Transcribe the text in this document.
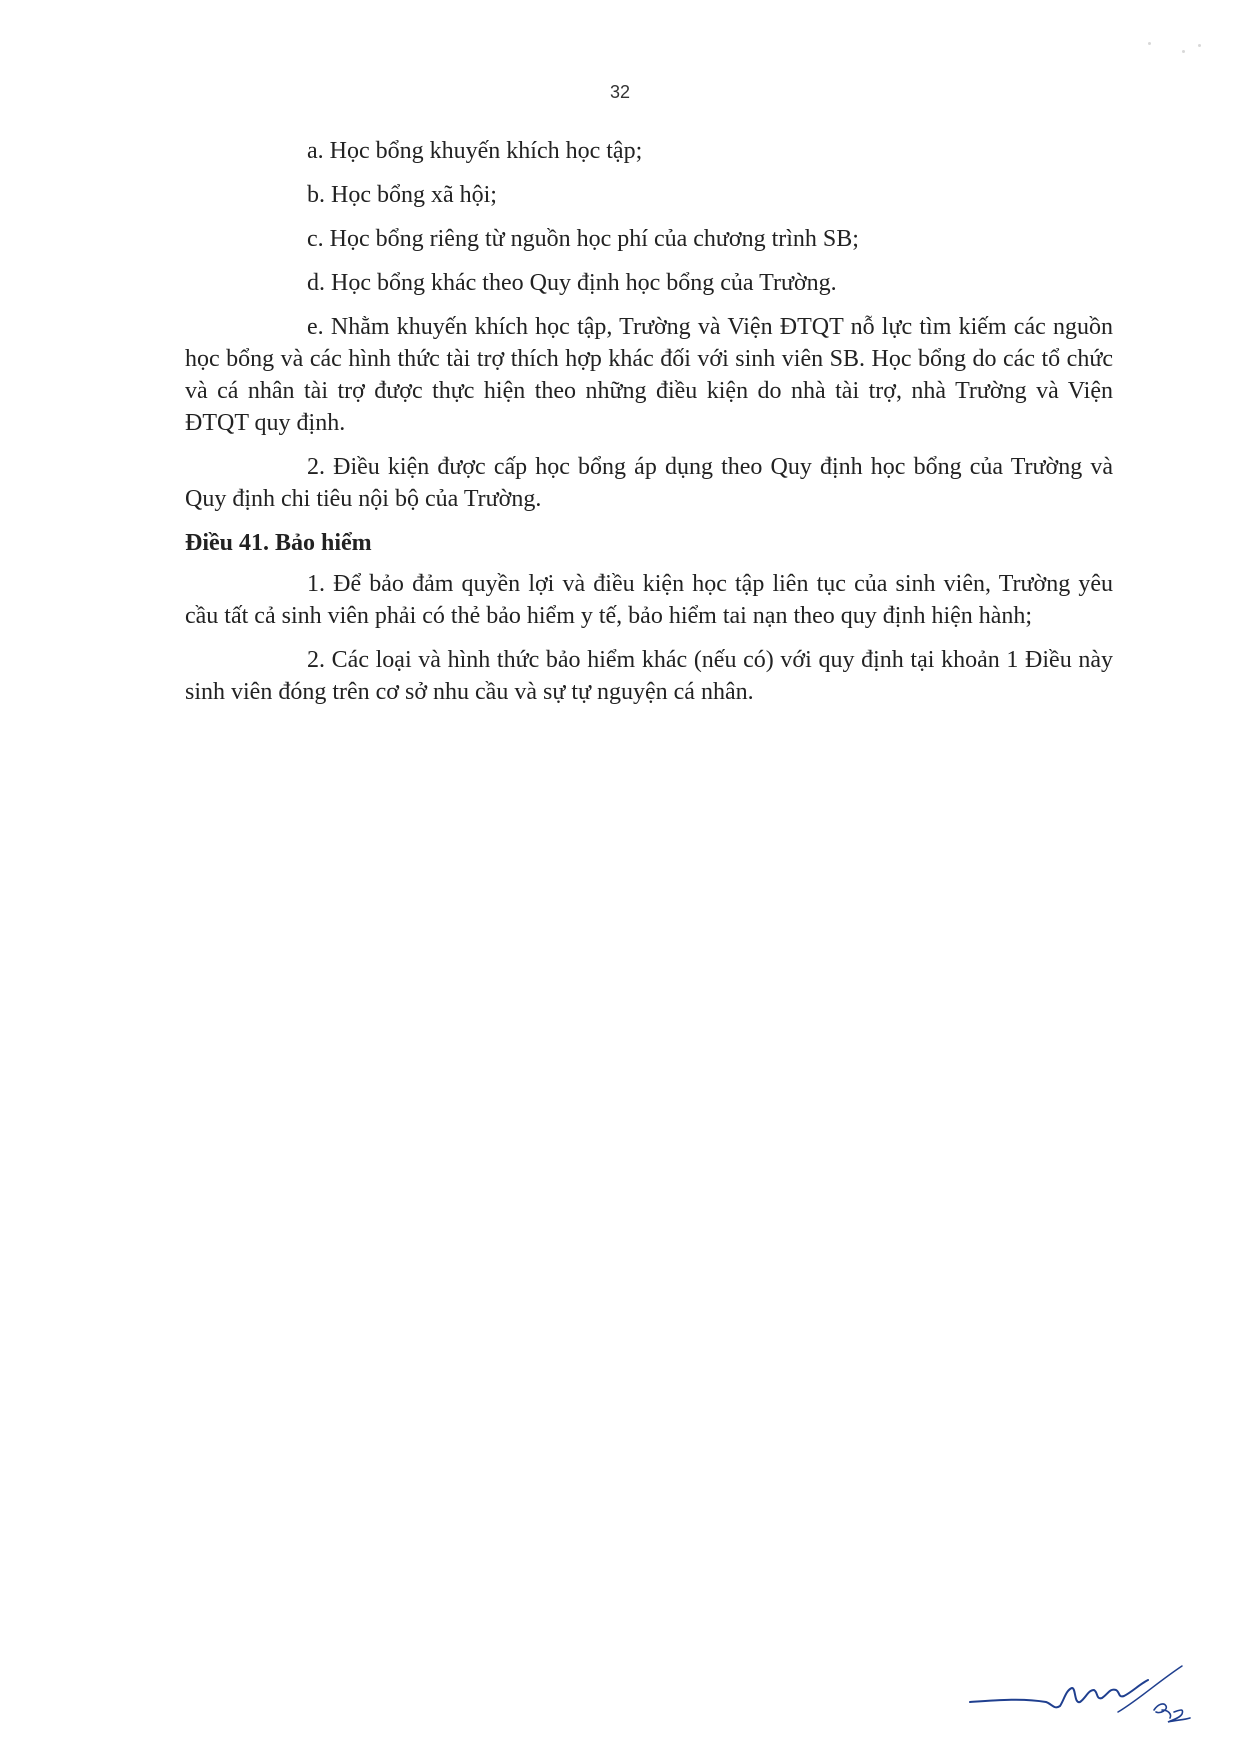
32
a. Học bổng khuyến khích học tập;
b. Học bổng xã hội;
c. Học bổng riêng từ nguồn học phí của chương trình SB;
d. Học bổng khác theo Quy định học bổng của Trường.

e. Nhằm khuyến khích học tập, Trường và Viện ĐTQT nỗ lực tìm kiếm các nguồn học bổng và các hình thức tài trợ thích hợp khác đối với sinh viên SB. Học bổng do các tổ chức và cá nhân tài trợ được thực hiện theo những điều kiện do nhà tài trợ, nhà Trường và Viện ĐTQT quy định.

2. Điều kiện được cấp học bổng áp dụng theo Quy định học bổng của Trường và Quy định chi tiêu nội bộ của Trường.

Điều 41. Bảo hiểm

1. Để bảo đảm quyền lợi và điều kiện học tập liên tục của sinh viên, Trường yêu cầu tất cả sinh viên phải có thẻ bảo hiểm y tế, bảo hiểm tai nạn theo quy định hiện hành;

2. Các loại và hình thức bảo hiểm khác (nếu có) với quy định tại khoản 1 Điều này sinh viên đóng trên cơ sở nhu cầu và sự tự nguyện cá nhân.
